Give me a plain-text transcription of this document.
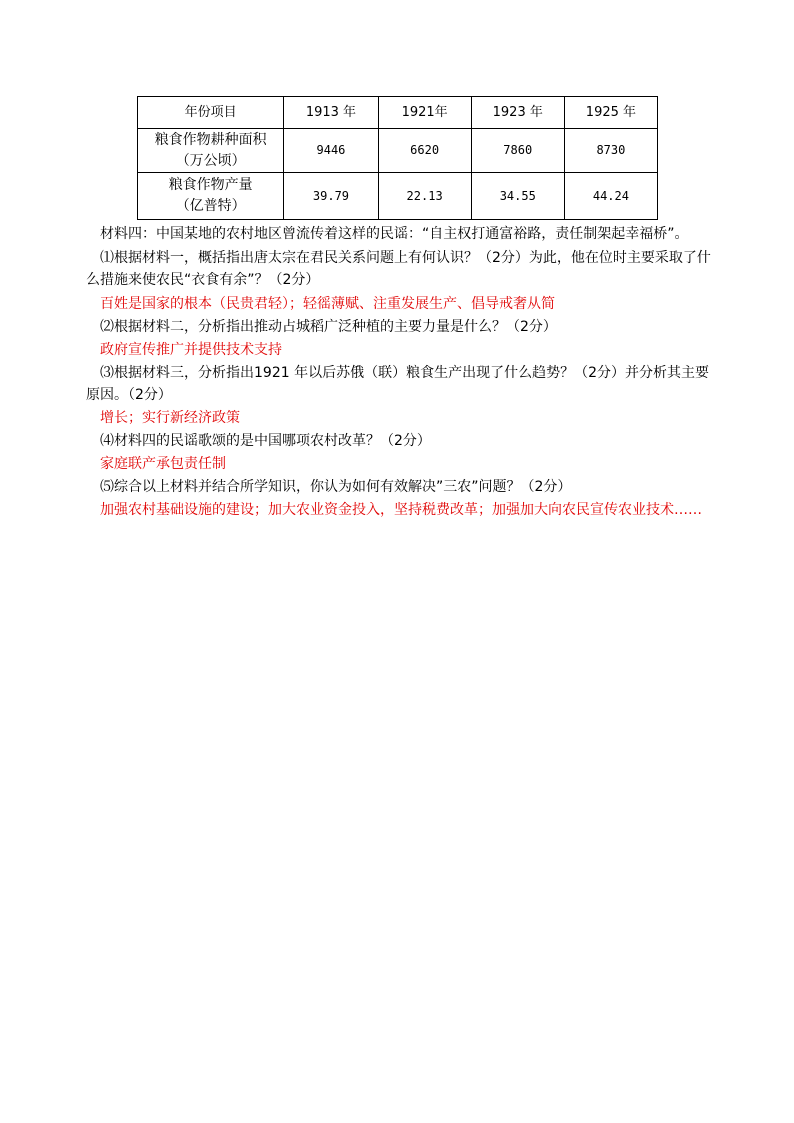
年份项目	1913 年	1921年	1923 年	1925 年

粮食作物耕种面积
（万公顷）	9446	6620	7860	8730

粮食作物产量
（亿普特）	39.79	22.13	34.55	44.24
材料四：中国某地的农村地区曾流传着这样的民谣：“自主权打通富裕路，责任制架起幸福桥”。
⑴根据材料一，概括指出唐太宗在君民关系问题上有何认识？（2分）为此，他在位时主要采取了什
么措施来使农民“衣食有余”？（2分）
百姓是国家的根本（民贵君轻）；轻徭薄赋、注重发展生产、倡导戒奢从简
⑵根据材料二，分析指出推动占城稻广泛种植的主要力量是什么？（2分）
政府宣传推广并提供技术支持
⑶根据材料三，分析指出1921 年以后苏俄（联）粮食生产出现了什么趋势？（2分）并分析其主要
原因。（2分）
增长；实行新经济政策
⑷材料四的民谣歌颂的是中国哪项农村改革？（2分）
家庭联产承包责任制
⑸综合以上材料并结合所学知识，你认为如何有效解决”三农”问题？（2分）
加强农村基础设施的建设；加大农业资金投入，坚持税费改革；加强加大向农民宣传农业技术……
